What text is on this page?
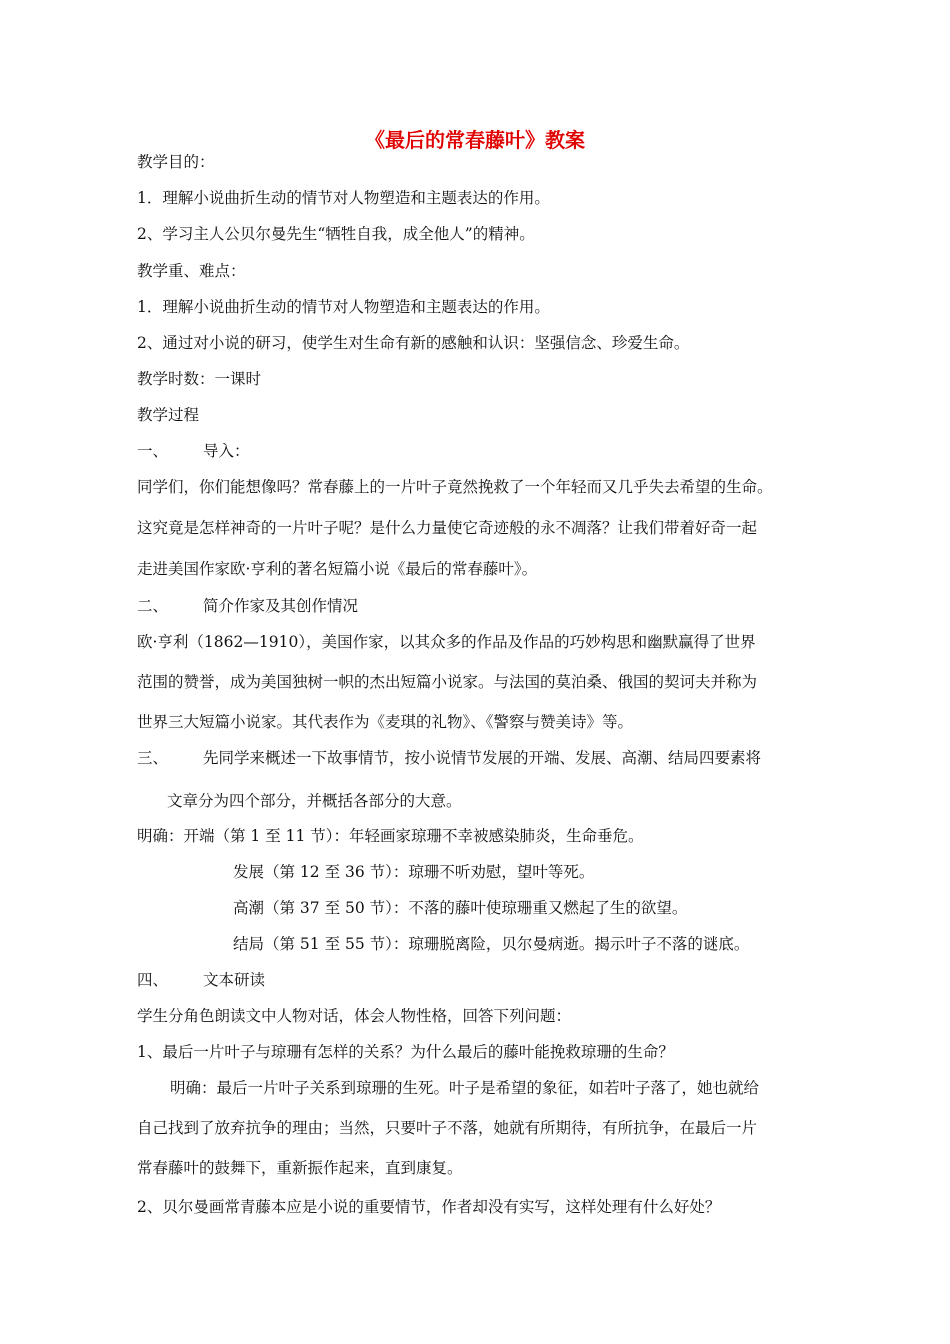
《最后的常春藤叶》教案
教学目的：
1．理解小说曲折生动的情节对人物塑造和主题表达的作用。
2、学习主人公贝尔曼先生“牺牲自我，成全他人”的精神。
教学重、难点：
1．理解小说曲折生动的情节对人物塑造和主题表达的作用。
2、通过对小说的研习，使学生对生命有新的感触和认识：坚强信念、珍爱生命。
教学时数：一课时
教学过程
一、 导入：
同学们，你们能想像吗？常春藤上的一片叶子竟然挽救了一个年轻而又几乎失去希望的生命。
这究竟是怎样神奇的一片叶子呢？是什么力量使它奇迹般的永不凋落？让我们带着好奇一起
走进美国作家欧·亨利的著名短篇小说《最后的常春藤叶》。
二、 简介作家及其创作情况
欧·亨利（1862—1910），美国作家，以其众多的作品及作品的巧妙构思和幽默赢得了世界
范围的赞誉，成为美国独树一帜的杰出短篇小说家。与法国的莫泊桑、俄国的契诃夫并称为
世界三大短篇小说家。其代表作为《麦琪的礼物》、《警察与赞美诗》等。
三、 先同学来概述一下故事情节，按小说情节发展的开端、发展、高潮、结局四要素将
文章分为四个部分，并概括各部分的大意。
明确：开端（第 1 至 11 节）：年轻画家琼珊不幸被感染肺炎，生命垂危。
发展（第 12 至 36 节）：琼珊不听劝慰，望叶等死。
高潮（第 37 至 50 节）：不落的藤叶使琼珊重又燃起了生的欲望。
结局（第 51 至 55 节）：琼珊脱离险，贝尔曼病逝。揭示叶子不落的谜底。
四、 文本研读
学生分角色朗读文中人物对话，体会人物性格，回答下列问题：
1、最后一片叶子与琼珊有怎样的关系？为什么最后的藤叶能挽救琼珊的生命？
明确：最后一片叶子关系到琼珊的生死。叶子是希望的象征，如若叶子落了，她也就给
自己找到了放弃抗争的理由；当然，只要叶子不落，她就有所期待，有所抗争，在最后一片
常春藤叶的鼓舞下，重新振作起来，直到康复。
2、贝尔曼画常青藤本应是小说的重要情节，作者却没有实写，这样处理有什么好处？
